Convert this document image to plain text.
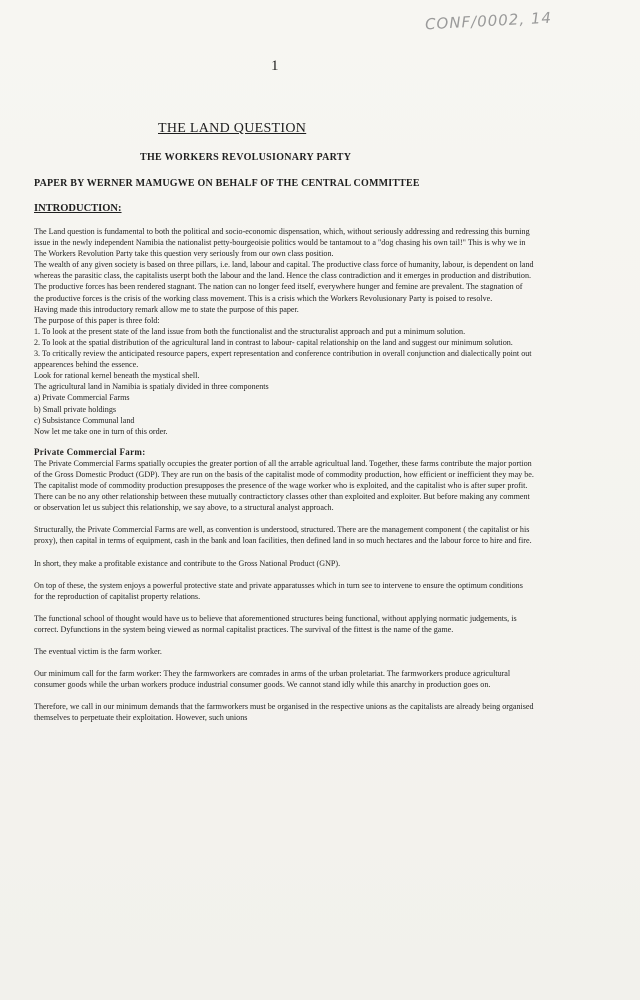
CONF/0002, 14
1
THE LAND QUESTION
THE WORKERS REVOLUSIONARY PARTY
PAPER BY WERNER MAMUGWE ON BEHALF OF THE CENTRAL COMMITTEE
INTRODUCTION:

The Land question is fundamental to both the political and socio-economic dispensation, which, without seriously addressing and redressing this burning issue in the newly independent Namibia the nationalist petty-bourgeoisie politics would be tantamout to a "dog chasing his own tail!" This is why we in The Workers Revolution Party take this question very seriously from our own class position.

The wealth of any given society is based on three pillars, i.e. land, labour and capital. The productive class force of humanity, labour, is dependent on land whereas the parasitic class, the capitalists userpt both the labour and the land. Hence the class contradiction and it emerges in production and distribution. The productive forces has been rendered stagnant. The nation can no longer feed itself, everywhere hunger and femine are prevalent. The stagnation of the productive forces is the crisis of the working class movement. This is a crisis which the Workers Revolusionary Party is poised to resolve.

Having made this introductory remark allow me to state the purpose of this paper.

The purpose of this paper is three fold:

1. To look at the present state of the land issue from both the functionalist and the structuralist approach and put a minimum solution.

2. To look at the spatial distribution of the agricultural land in contrast to labour- capital relationship on the land and suggest our minimum solution.

3. To critically review the anticipated resource papers, expert representation and conference contribution in overall conjunction and dialectically point out appearences behind the essence.

Look for rational kernel beneath the mystical shell.

The agricultural land in Namibia is spatialy divided in three components

a) Private Commercial Farms

b) Small private holdings

c) Subsistance Communal land

Now let me take one in turn of this order.

Private Commercial Farm:

The Private Commercial Farms spatially occupies the greater portion of all the arrable agricultual land. Together, these farms contribute the major portion of the Gross Domestic Product (GDP). They are run on the basis of the capitalist mode of commodity production, how efficient or inefficient they may be. The capitalist mode of commodity production presupposes the presence of the wage worker who is exploited, and the capitalist who is after super profit. There can be no any other relationship between these mutually contractictory classes other than exploited and exploiter. But before making any comment or observation let us subject this relationship, we say above, to a structural analyst approach.

Structurally, the Private Commercial Farms are well, as convention is understood, structured. There are the management component ( the capitalist or his proxy), then capital in terms of equipment, cash in the bank and loan facilities, then defined land in so much hectares and the labour force to hire and fire.

In short, they make a profitable existance and contribute to the Gross National Product (GNP).

On top of these, the system enjoys a powerful protective state and private apparatusses which in turn see to intervene to ensure the optimum conditions for the reproduction of capitalist property relations.

The functional school of thought would have us to believe that aforementioned structures being functional, without applying normatic judgements, is correct. Dyfunctions in the system being viewed as normal capitalist practices. The survival of the fittest is the name of the game.

The eventual victim is the farm worker.

Our minimum call for the farm worker: They the farmworkers are comrades in arms of the urban proletariat. The farmworkers produce agricultural consumer goods while the urban workers produce industrial consumer goods. We cannot stand idly while this anarchy in production goes on.

Therefore, we call in our minimum demands that the farmworkers must be organised in the respective unions as the capitalists are already being organised themselves to perpetuate their exploitation. However, such unions
